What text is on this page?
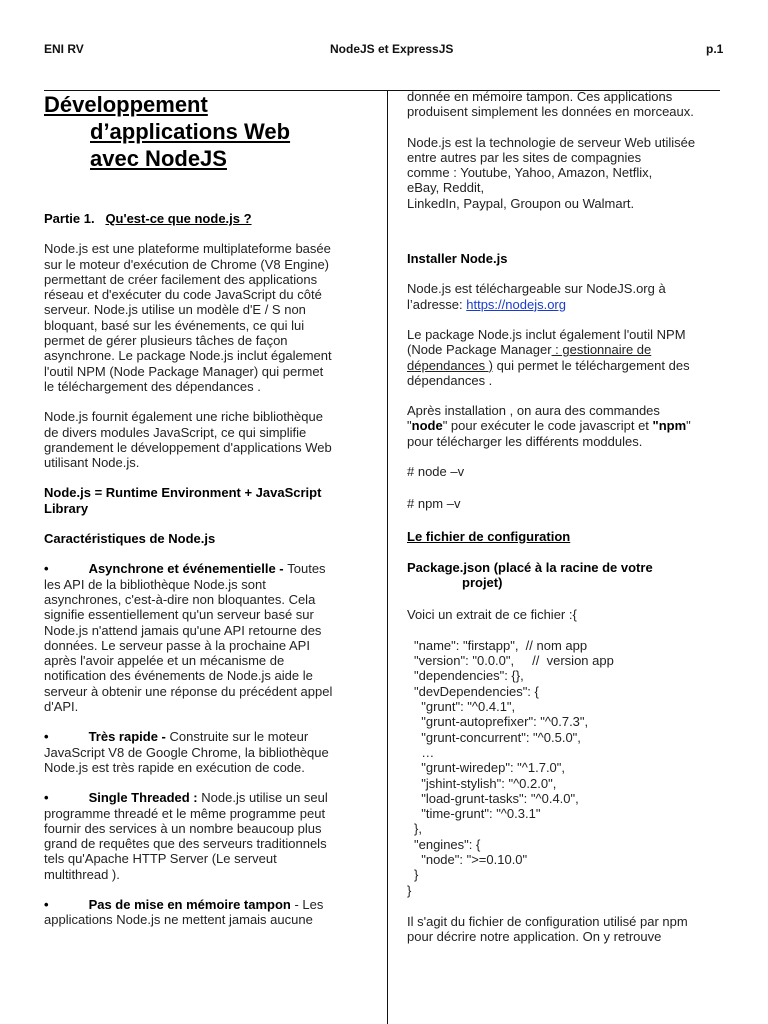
ENI RV	NodeJS et ExpressJS	p.1
Développement
d’applications Web
avec NodeJS

Partie 1. Qu'est-ce que node.js ?

Node.js est une plateforme multiplateforme basée
sur le moteur d'exécution de Chrome (V8 Engine)
permettant de créer facilement des applications
réseau et d'exécuter du code JavaScript du côté
serveur. Node.js utilise un modèle d'E / S non
bloquant, basé sur les événements, ce qui lui
permet de gérer plusieurs tâches de façon
asynchrone. Le package Node.js inclut également
l'outil NPM (Node Package Manager) qui permet
le téléchargement des dépendances .

Node.js fournit également une riche bibliothèque
de divers modules JavaScript, ce qui simplifie
grandement le développement d'applications Web
utilisant Node.js.

Node.js = Runtime Environment + JavaScript
Library

Caractéristiques de Node.js

•	Asynchrone et événementielle - Toutes
les API de la bibliothèque Node.js sont
asynchrones, c'est-à-dire non bloquantes. Cela
signifie essentiellement qu'un serveur basé sur
Node.js n'attend jamais qu'une API retourne des
données. Le serveur passe à la prochaine API
après l'avoir appelée et un mécanisme de
notification des événements de Node.js aide le
serveur à obtenir une réponse du précédent appel
d'API.

•	Très rapide - Construite sur le moteur
JavaScript V8 de Google Chrome, la bibliothèque
Node.js est très rapide en exécution de code.

•	Single Threaded : Node.js utilise un seul
programme threadé et le même programme peut
fournir des services à un nombre beaucoup plus
grand de requêtes que des serveurs traditionnels
tels qu'Apache HTTP Server (Le serveut
multithread ).

•	Pas de mise en mémoire tampon - Les
applications Node.js ne mettent jamais aucune

donnée en mémoire tampon. Ces applications
produisent simplement les données en morceaux.

Node.js est la technologie de serveur Web utilisée
entre autres par les sites de compagnies
comme : Youtube, Yahoo, Amazon, Netflix,
eBay, Reddit,
LinkedIn, Paypal, Groupon ou Walmart.

Installer Node.js

Node.js est téléchargeable sur NodeJS.org à
l’adresse: https://nodejs.org

Le package Node.js inclut également l'outil NPM
(Node Package Manager : gestionnaire de
dépendances ) qui permet le téléchargement des
dépendances .

Après installation , on aura des commandes
"node" pour exécuter le code javascript et "npm"
pour télécharger les différents moddules.

# node –v

# npm –v

Le fichier de configuration

Package.json (placé à la racine de votre
projet)

Voici un extrait de ce fichier :{

"name": "firstapp",  // nom app
"version": "0.0.0",     //  version app
"dependencies": {},
"devDependencies": {
"grunt": "^0.4.1",
"grunt-autoprefixer": "^0.7.3",
"grunt-concurrent": "^0.5.0",
…
"grunt-wiredep": "^1.7.0",
"jshint-stylish": "^0.2.0",
"load-grunt-tasks": "^0.4.0",
"time-grunt": "^0.3.1"
},
"engines": {
"node": ">=0.10.0"
}

}

Il s'agit du fichier de configuration utilisé par npm
pour décrire notre application. On y retrouve
